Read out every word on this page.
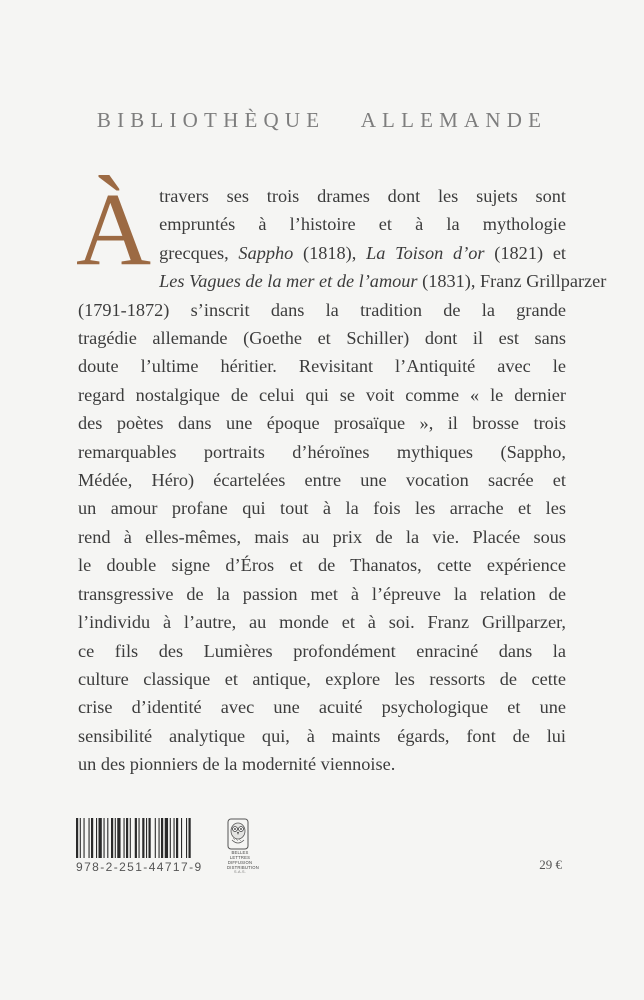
BIBLIOTHÈQUE ALLEMANDE
À travers ses trois drames dont les sujets sont
empruntés à l’histoire et à la mythologie
grecques, Sappho (1818), La Toison d’or (1821) et
Les Vagues de la mer et de l’amour (1831), Franz Grillparzer
(1791-1872) s’inscrit dans la tradition de la grande
tragédie allemande (Goethe et Schiller) dont il est sans
doute l’ultime héritier. Revisitant l’Antiquité avec le
regard nostalgique de celui qui se voit comme « le dernier
des poètes dans une époque prosaïque », il brosse trois
remarquables portraits d’héroïnes mythiques (Sappho,
Médée, Héro) écartelées entre une vocation sacrée et
un amour profane qui tout à la fois les arrache et les
rend à elles-mêmes, mais au prix de la vie. Placée sous
le double signe d’Éros et de Thanatos, cette expérience
transgressive de la passion met à l’épreuve la relation de
l’individu à l’autre, au monde et à soi. Franz Grillparzer,
ce fils des Lumières profondément enraciné dans la
culture classique et antique, explore les ressorts de cette
crise d’identité avec une acuité psychologique et une
sensibilité analytique qui, à maints égards, font de lui
un des pionniers de la modernité viennoise.
978-2-251-44717-9
BELLES LETTRES
DIFFUSION
DISTRIBUTION
S.A.S.	29 €
